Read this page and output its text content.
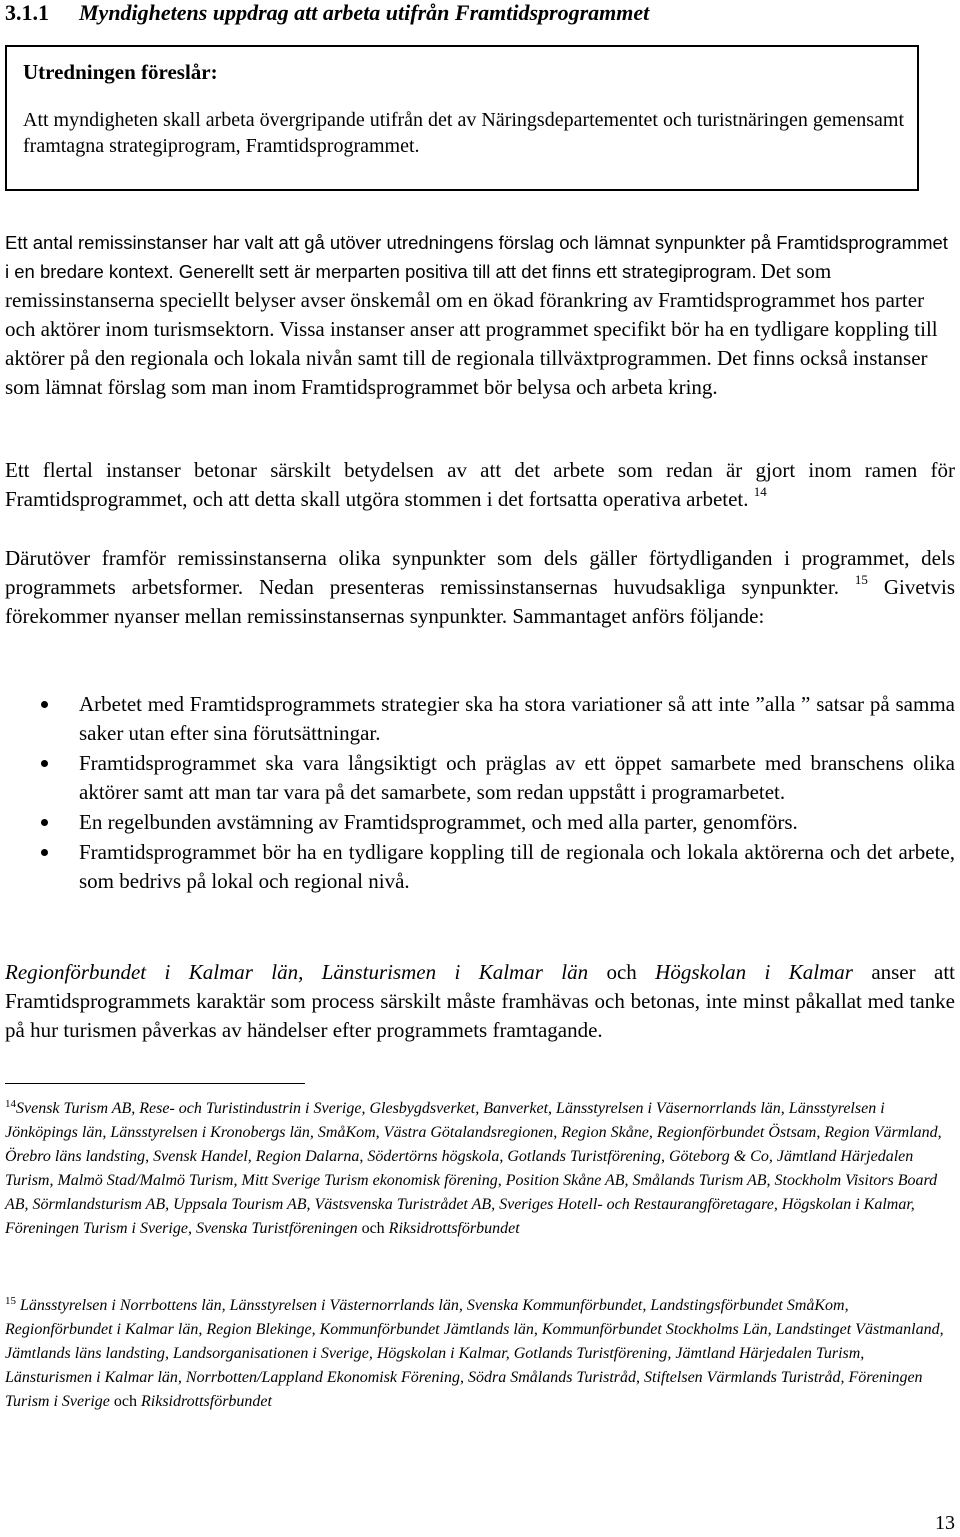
3.1.1 Myndighetens uppdrag att arbeta utifrån Framtidsprogrammet
Utredningen föreslår:
Att myndigheten skall arbeta övergripande utifrån det av Näringsdepartementet och turistnäringen gemensamt framtagna strategiprogram, Framtidsprogrammet.
Ett antal remissinstanser har valt att gå utöver utredningens förslag och lämnat synpunkter på Framtidsprogrammet i en bredare kontext. Generellt sett är merparten positiva till att det finns ett strategiprogram. Det som remissinstanserna speciellt belyser avser önskemål om en ökad förankring av Framtidsprogrammet hos parter och aktörer inom turismsektorn. Vissa instanser anser att programmet specifikt bör ha en tydligare koppling till aktörer på den regionala och lokala nivån samt till de regionala tillväxtprogrammen. Det finns också instanser som lämnat förslag som man inom Framtidsprogrammet bör belysa och arbeta kring.
Ett flertal instanser betonar särskilt betydelsen av att det arbete som redan är gjort inom ramen för Framtidsprogrammet, och att detta skall utgöra stommen i det fortsatta operativa arbetet. $^{14}$
Därutöver framför remissinstanserna olika synpunkter som dels gäller förtydliganden i programmet, dels programmets arbetsformer. Nedan presenteras remissinstansernas huvudsakliga synpunkter. $^{15}$ Givetvis förekommer nyanser mellan remissinstansernas synpunkter. Sammantaget anförs följande:
Arbetet med Framtidsprogrammets strategier ska ha stora variationer så att inte ”alla ” satsar på samma saker utan efter sina förutsättningar.
Framtidsprogrammet ska vara långsiktigt och präglas av ett öppet samarbete med branschens olika aktörer samt att man tar vara på det samarbete, som redan uppstått i programarbetet.
En regelbunden avstämning av Framtidsprogrammet, och med alla parter, genomförs.
Framtidsprogrammet bör ha en tydligare koppling till de regionala och lokala aktörerna och det arbete, som bedrivs på lokal och regional nivå.
Regionförbundet i Kalmar län, Länsturismen i Kalmar län och Högskolan i Kalmar anser att Framtidsprogrammets karaktär som process särskilt måste framhävas och betonas, inte minst påkallat med tanke på hur turismen påverkas av händelser efter programmets framtagande.
$^{14}$Svensk Turism AB, Rese- och Turistindustrin i Sverige, Glesbygdsverket, Banverket, Länsstyrelsen i Väsernorrlands län, Länsstyrelsen i Jönköpings län, Länsstyrelsen i Kronobergs län, SmåKom, Västra Götalandsregionen, Region Skåne, Regionförbundet Östsam, Region Värmland, Örebro läns landsting, Svensk Handel, Region Dalarna, Södertörns högskola, Gotlands Turistförening, Göteborg & Co, Jämtland Härjedalen Turism, Malmö Stad/Malmö Turism, Mitt Sverige Turism ekonomisk förening, Position Skåne AB, Smålands Turism AB, Stockholm Visitors Board AB, Sörmlandsturism AB, Uppsala Tourism AB, Västsvenska Turistrådet AB, Sveriges Hotell- och Restaurangföretagare, Högskolan i Kalmar, Föreningen Turism i Sverige, Svenska Turistföreningen och Riksidrottsförbundet
$^{15}$ Länsstyrelsen i Norrbottens län, Länsstyrelsen i Västernorrlands län, Svenska Kommunförbundet, Landstingsförbundet SmåKom, Regionförbundet i Kalmar län, Region Blekinge, Kommunförbundet Jämtlands län, Kommunförbundet Stockholms Län, Landstinget Västmanland, Jämtlands läns landsting, Landsorganisationen i Sverige, Högskolan i Kalmar, Gotlands Turistförening, Jämtland Härjedalen Turism, Länsturismen i Kalmar län, Norrbotten/Lappland Ekonomisk Förening, Södra Smålands Turistråd, Stiftelsen Värmlands Turistråd, Föreningen Turism i Sverige och Riksidrottsförbundet
13
